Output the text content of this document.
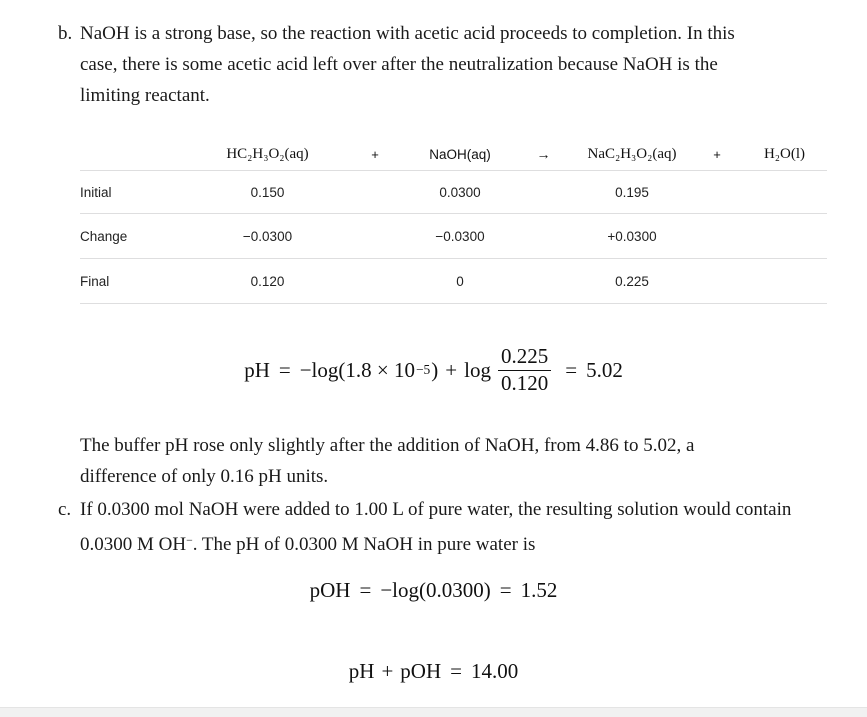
b. NaOH is a strong base, so the reaction with acetic acid proceeds to completion. In this case, there is some acetic acid left over after the neutralization because NaOH is the limiting reactant.
	HC₂H₃O₂(aq)	+	NaOH(aq)	→	NaC₂H₃O₂(aq)	+	H₂O(l)
Initial	0.150		0.0300		0.195		
Change	−0.0300		−0.0300		+0.0300		
Final	0.120		0		0.225		
pH = −log(1.8 × 10 −5 ) + $\log \frac{0.225}{0.120} = 5.02$
The buffer pH rose only slightly after the addition of NaOH, from 4.86 to 5.02, a difference of only 0.16 pH units.
c. If 0.0300 mol NaOH were added to 1.00 L of pure water, the resulting solution would contain 0.0300 M OH−. The pH of 0.0300 M NaOH in pure water is
pOH = −log(0.0300) = 1.52
pH + pOH = 14.00
